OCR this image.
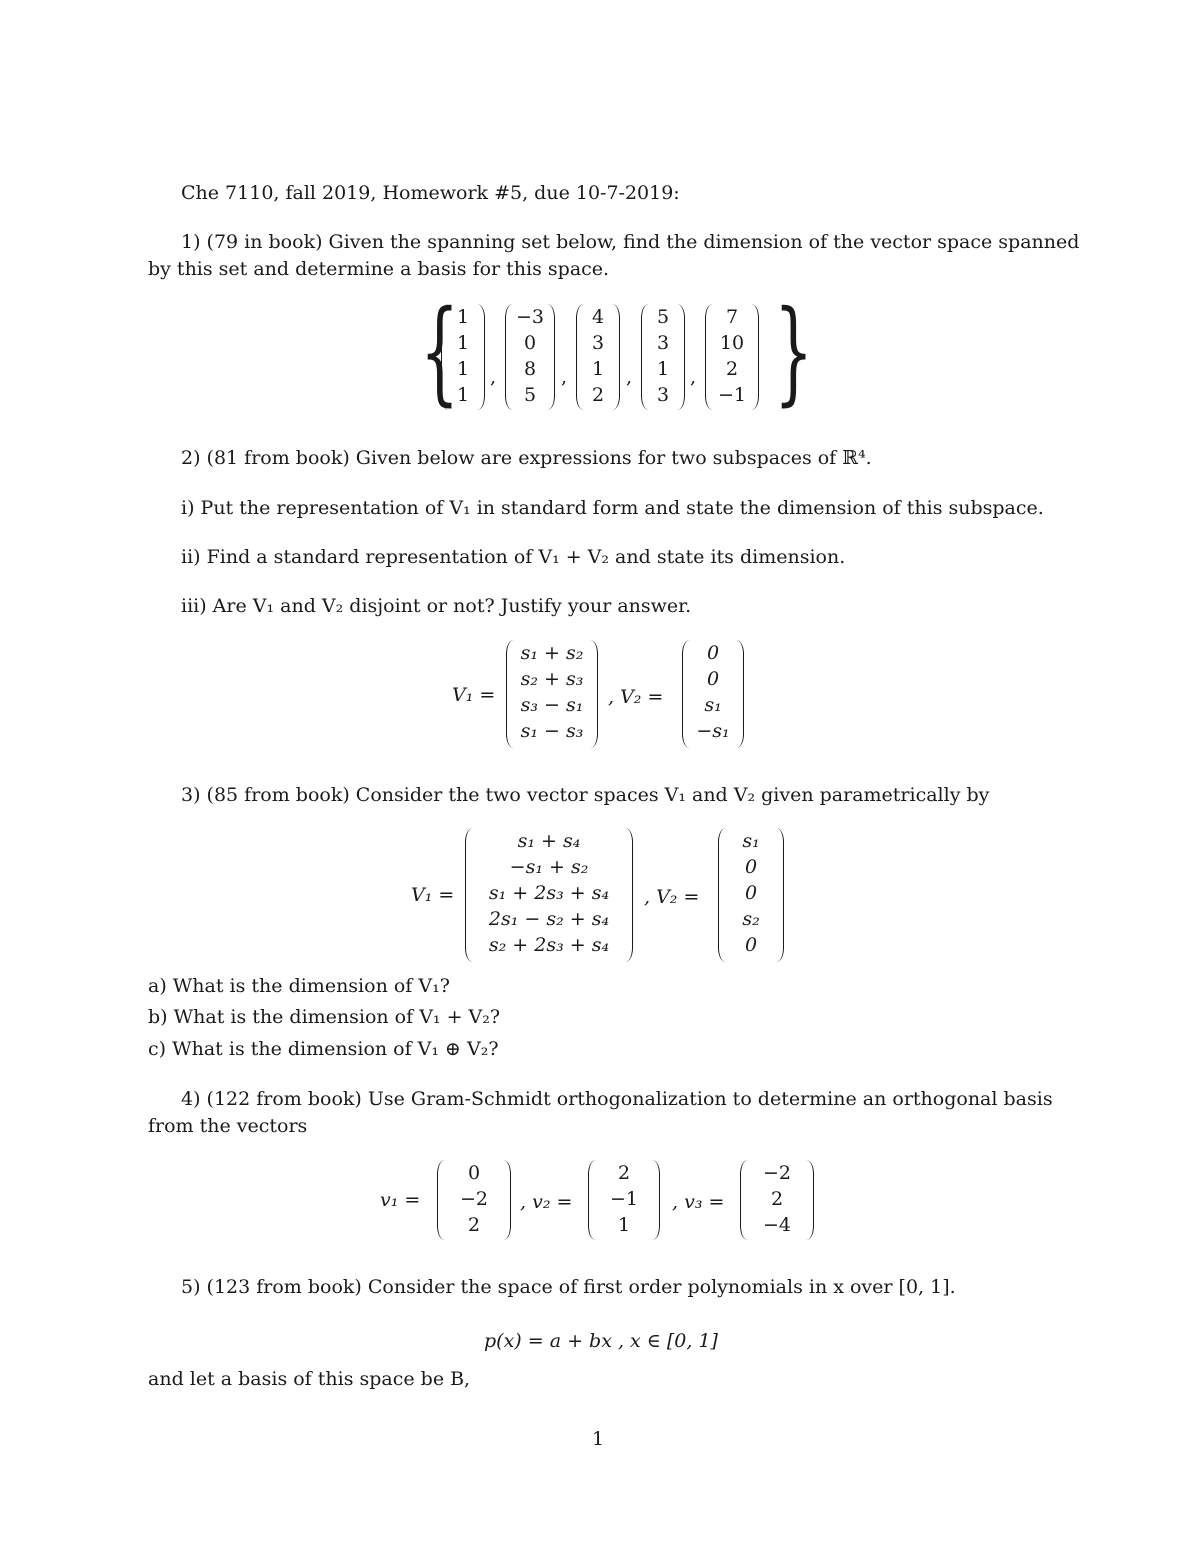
Che 7110, fall 2019, Homework #5, due 10-7-2019:
1) (79 in book) Given the spanning set below, find the dimension of the vector space spanned
by this set and determine a basis for this space.
{
1
1
1
1
,
−3
0
8
5
,
4
3
1
2
,
5
3
1
3
,
7
10
2
−1 }
2) (81 from book) Given below are expressions for two subspaces of ℝ⁴.
i) Put the representation of V₁ in standard form and state the dimension of this subspace.
ii) Find a standard representation of V₁ + V₂ and state its dimension.
iii) Are V₁ and V₂ disjoint or not? Justify your answer.
V₁ =
s₁ + s₂
s₂ + s₃
s₃ − s₁
s₁ − s₃
, V₂ =
0
0
s₁
−s₁
3) (85 from book) Consider the two vector spaces V₁ and V₂ given parametrically by
V₁ =
s₁ + s₄
−s₁ + s₂
s₁ + 2s₃ + s₄
2s₁ − s₂ + s₄
s₂ + 2s₃ + s₄
, V₂ =
s₁
0
0
s₂
0
a) What is the dimension of V₁?
b) What is the dimension of V₁ + V₂?
c) What is the dimension of V₁ ⊕ V₂?
4) (122 from book) Use Gram-Schmidt orthogonalization to determine an orthogonal basis
from the vectors
v₁ =
0
−2
2
, v₂ =
2
−1
1
, v₃ =
−2
2
−4
5) (123 from book) Consider the space of first order polynomials in x over [0, 1].
p(x) = a + bx , x ∈ [0, 1]
and let a basis of this space be B,
1
